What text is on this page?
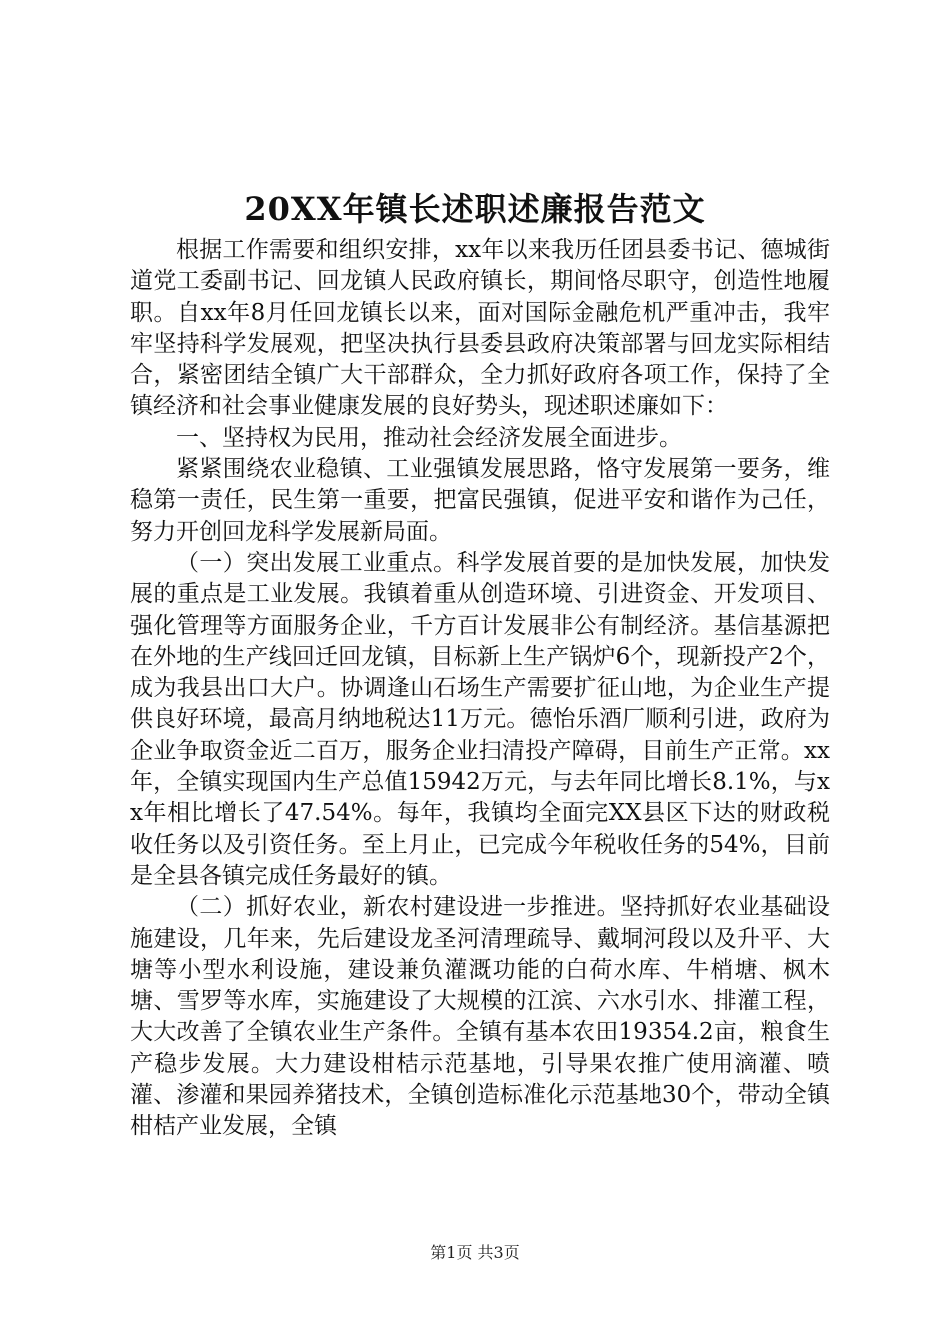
20XX年镇长述职述廉报告范文

根据工作需要和组织安排，xx年以来我历任团县委书记、德城街道党工委副书记、回龙镇人民政府镇长，期间恪尽职守，创造性地履职。自xx年8月任回龙镇长以来，面对国际金融危机严重冲击，我牢牢坚持科学发展观，把坚决执行县委县政府决策部署与回龙实际相结合，紧密团结全镇广大干部群众，全力抓好政府各项工作，保持了全镇经济和社会事业健康发展的良好势头，现述职述廉如下：

一、坚持权为民用，推动社会经济发展全面进步。

紧紧围绕农业稳镇、工业强镇发展思路，恪守发展第一要务，维稳第一责任，民生第一重要，把富民强镇，促进平安和谐作为己任，努力开创回龙科学发展新局面。

（一）突出发展工业重点。科学发展首要的是加快发展，加快发展的重点是工业发展。我镇着重从创造环境、引进资金、开发项目、强化管理等方面服务企业，千方百计发展非公有制经济。基信基源把在外地的生产线回迁回龙镇，目标新上生产锅炉6个，现新投产2个，成为我县出口大户。协调逢山石场生产需要扩征山地，为企业生产提供良好环境，最高月纳地税达11万元。德怡乐酒厂顺利引进，政府为企业争取资金近二百万，服务企业扫清投产障碍，目前生产正常。xx年，全镇实现国内生产总值15942万元，与去年同比增长8.1%，与xx年相比增长了47.54%。每年，我镇均全面完XX县区下达的财政税收任务以及引资任务。至上月止，已完成今年税收任务的54%，目前是全县各镇完成任务最好的镇。

（二）抓好农业，新农村建设进一步推进。坚持抓好农业基础设施建设，几年来，先后建设龙圣河清理疏导、戴垌河段以及升平、大塘等小型水利设施，建设兼负灌溉功能的白荷水库、牛梢塘、枫木塘、雪罗等水库，实施建设了大规模的江滨、六水引水、排灌工程，大大改善了全镇农业生产条件。全镇有基本农田19354.2亩，粮食生产稳步发展。大力建设柑桔示范基地，引导果农推广使用滴灌、喷灌、渗灌和果园养猪技术，全镇创造标准化示范基地30个，带动全镇柑桔产业发展，全镇

第1页 共3页
